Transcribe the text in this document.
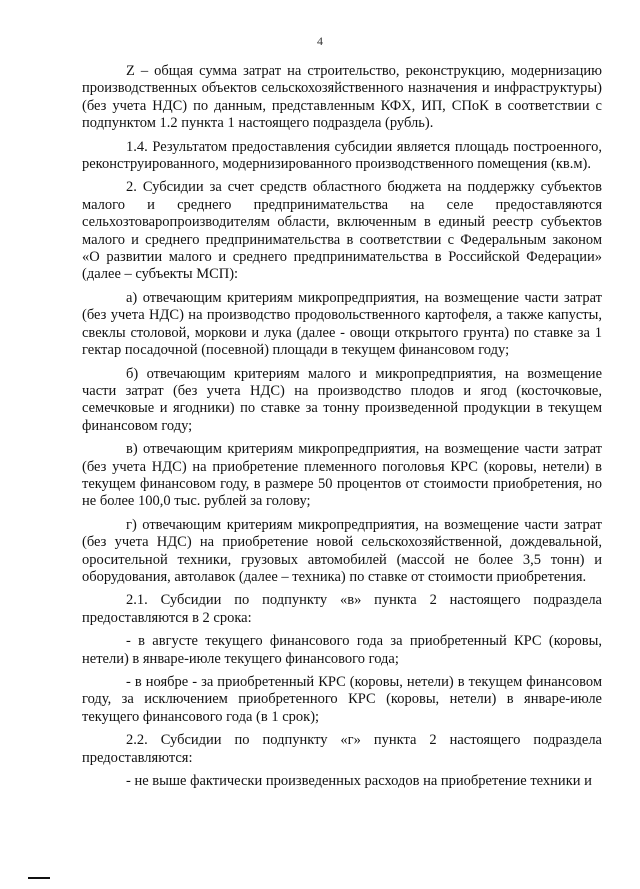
4

Z – общая сумма затрат на строительство, реконструкцию, модернизацию производственных объектов сельскохозяйственного назначения и инфраструктуры) (без учета НДС) по данным, представленным КФХ, ИП, СПоК в соответствии с подпунктом 1.2 пункта 1 настоящего подраздела (рубль).

1.4. Результатом предоставления субсидии является площадь построенного, реконструированного, модернизированного производственного помещения (кв.м).

2. Субсидии за счет средств областного бюджета на поддержку субъектов малого и среднего предпринимательства на селе предоставляются сельхозтоваропроизводителям области, включенным в единый реестр субъектов малого и среднего предпринимательства в соответствии с Федеральным законом «О развитии малого и среднего предпринимательства в Российской Федерации» (далее – субъекты МСП):

а) отвечающим критериям микропредприятия, на возмещение части затрат (без учета НДС) на производство продовольственного картофеля, а также капусты, свеклы столовой, моркови и лука (далее - овощи открытого грунта) по ставке за 1 гектар посадочной (посевной) площади в текущем финансовом году;

б) отвечающим критериям малого и микропредприятия, на возмещение части затрат (без учета НДС) на производство плодов и ягод (косточковые, семечковые и ягодники) по ставке за тонну произведенной продукции в текущем финансовом году;

в) отвечающим критериям микропредприятия, на возмещение части затрат (без учета НДС) на приобретение племенного поголовья КРС (коровы, нетели) в текущем финансовом году, в размере 50 процентов от стоимости приобретения, но не более 100,0 тыс. рублей за голову;

г) отвечающим критериям микропредприятия, на возмещение части затрат (без учета НДС) на приобретение новой сельскохозяйственной, дождевальной, оросительной техники, грузовых автомобилей (массой не более 3,5 тонн) и оборудования, автолавок (далее – техника) по ставке от стоимости приобретения.

2.1. Субсидии по подпункту «в» пункта 2 настоящего подраздела предоставляются в 2 срока:

- в августе текущего финансового года за приобретенный КРС (коровы, нетели) в январе-июле текущего финансового года;

- в ноябре - за приобретенный КРС (коровы, нетели) в текущем финансовом году, за исключением приобретенного КРС (коровы, нетели) в январе-июле текущего финансового года (в 1 срок);

2.2. Субсидии по подпункту «г» пункта 2 настоящего подраздела предоставляются:

- не выше фактически произведенных расходов на приобретение техники и
